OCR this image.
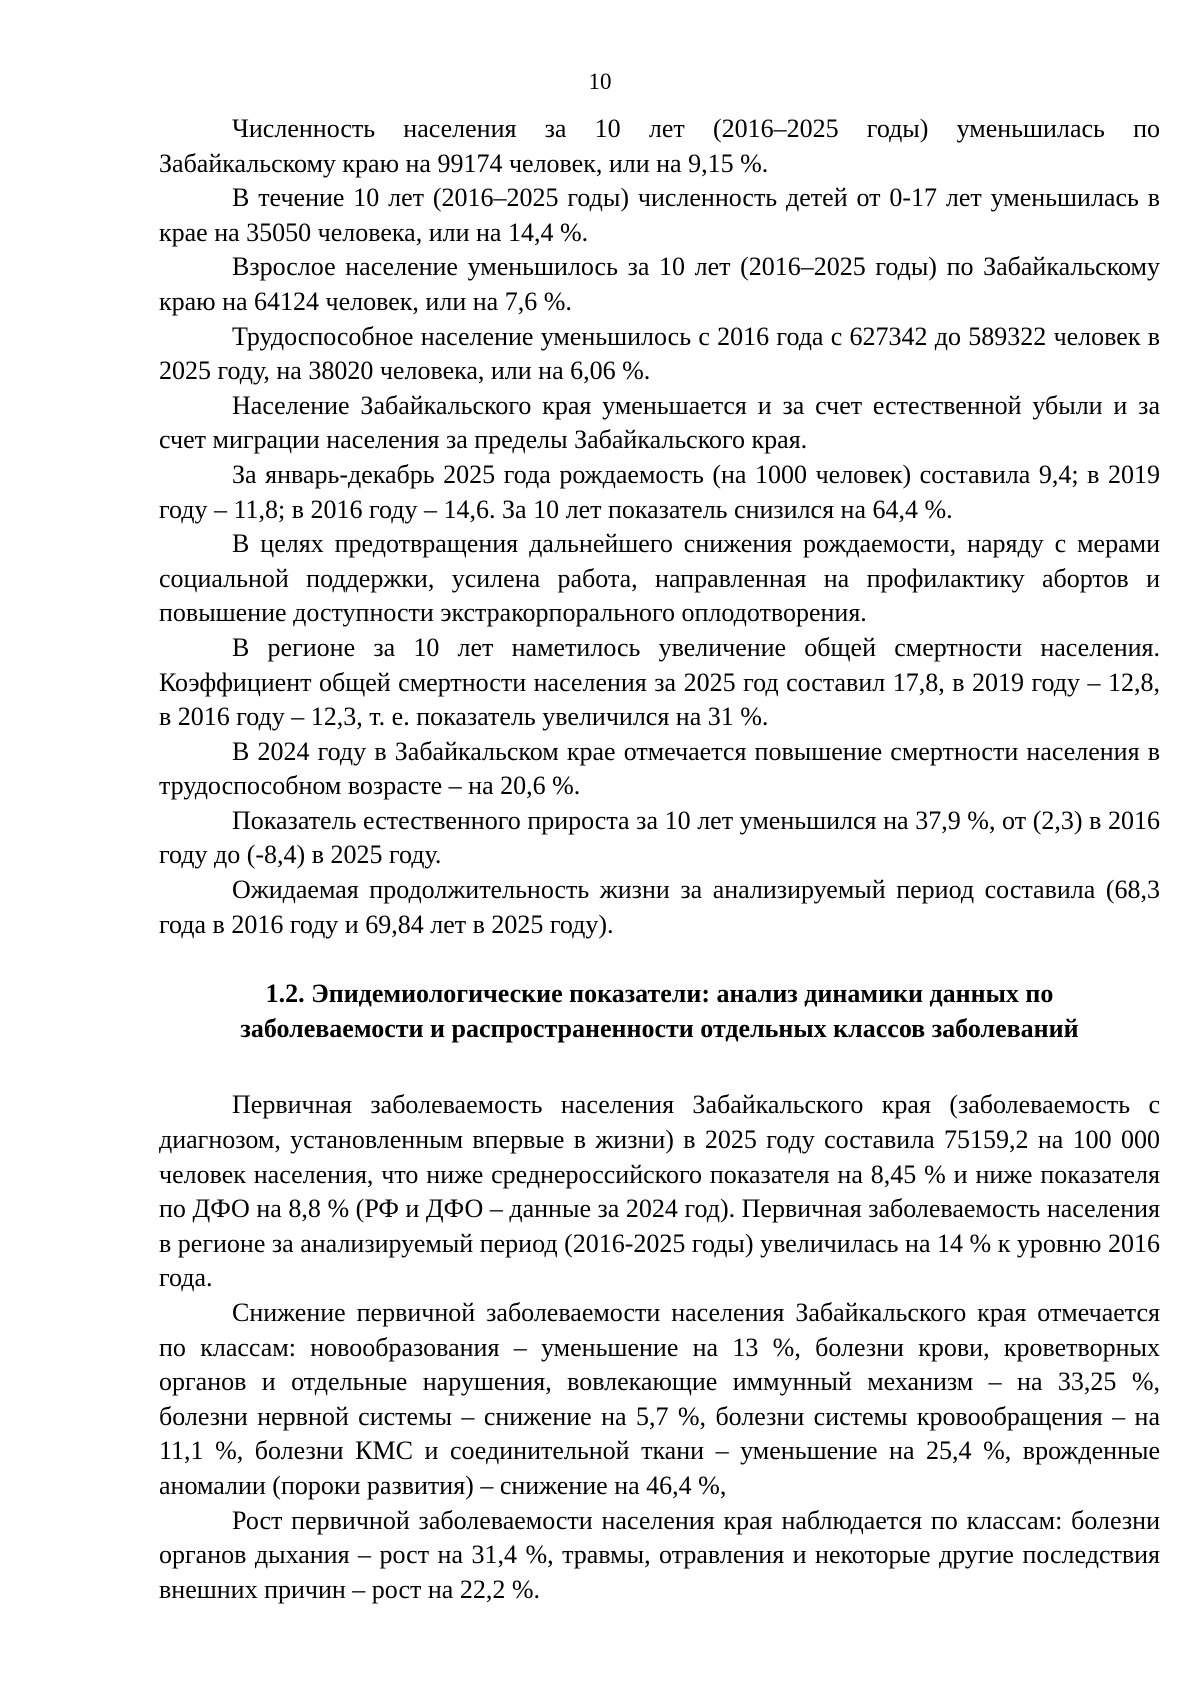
10

Численность населения за 10 лет (2016–2025 годы) уменьшилась по Забайкальскому краю на 99174 человек, или на 9,15 %.

В течение 10 лет (2016–2025 годы) численность детей от 0-17 лет уменьшилась в крае на 35050 человека, или на 14,4 %.

Взрослое население уменьшилось за 10 лет (2016–2025 годы) по Забайкальскому краю на 64124 человек, или на 7,6 %.

Трудоспособное население уменьшилось с 2016 года с 627342 до 589322 человек в 2025 году, на 38020 человека, или на 6,06 %.

Население Забайкальского края уменьшается и за счет естественной убыли и за счет миграции населения за пределы Забайкальского края.

За январь-декабрь 2025 года рождаемость (на 1000 человек) составила 9,4; в 2019 году – 11,8; в 2016 году – 14,6. За 10 лет показатель снизился на 64,4 %.

В целях предотвращения дальнейшего снижения рождаемости, наряду с мерами социальной поддержки, усилена работа, направленная на профилактику абортов и повышение доступности экстракорпорального оплодотворения.

В регионе за 10 лет наметилось увеличение общей смертности населения. Коэффициент общей смертности населения за 2025 год составил 17,8, в 2019 году – 12,8, в 2016 году – 12,3, т. е. показатель увеличился на 31 %.

В 2024 году в Забайкальском крае отмечается повышение смертности населения в трудоспособном возрасте – на 20,6 %.

Показатель естественного прироста за 10 лет уменьшился на 37,9 %, от (2,3) в 2016 году до (-8,4) в 2025 году.

Ожидаемая продолжительность жизни за анализируемый период составила (68,3 года в 2016 году и 69,84 лет в 2025 году).

1.2. Эпидемиологические показатели: анализ динамики данных по
заболеваемости и распространенности отдельных классов заболеваний

Первичная заболеваемость населения Забайкальского края (заболеваемость с диагнозом, установленным впервые в жизни) в 2025 году составила 75159,2 на 100 000 человек населения, что ниже среднероссийского показателя на 8,45 % и ниже показателя по ДФО на 8,8 % (РФ и ДФО – данные за 2024 год). Первичная заболеваемость населения в регионе за анализируемый период (2016-2025 годы) увеличилась на 14 % к уровню 2016 года.

Снижение первичной заболеваемости населения Забайкальского края отмечается по классам: новообразования – уменьшение на 13 %, болезни крови, кроветворных органов и отдельные нарушения, вовлекающие иммунный механизм – на 33,25 %, болезни нервной системы – снижение на 5,7 %, болезни системы кровообращения – на 11,1 %, болезни КМС и соединительной ткани – уменьшение на 25,4 %, врожденные аномалии (пороки развития) – снижение на 46,4 %,

Рост первичной заболеваемости населения края наблюдается по классам: болезни органов дыхания – рост на 31,4 %, травмы, отравления и некоторые другие последствия внешних причин – рост на 22,2 %.
